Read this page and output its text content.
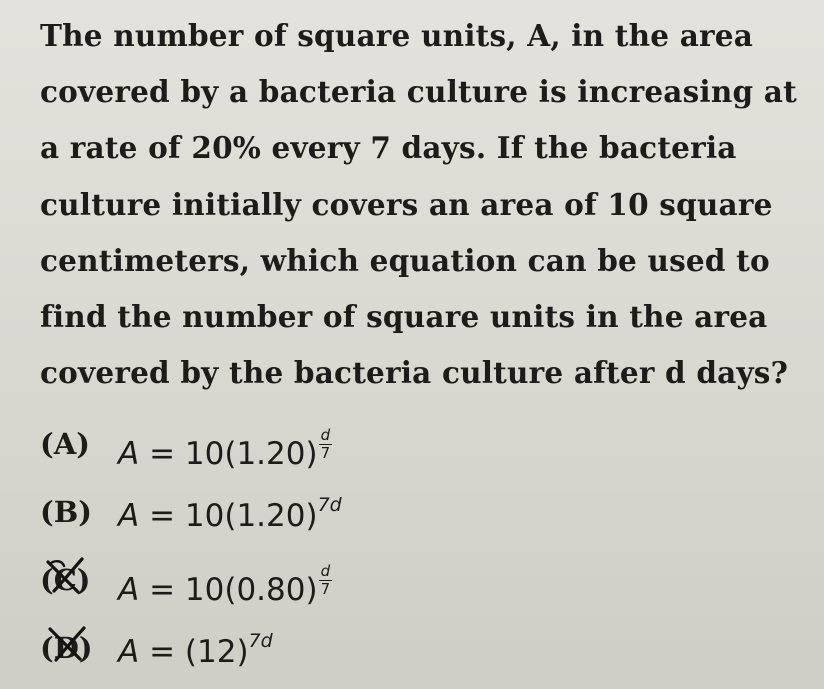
The number of square units, A, in the area
covered by a bacteria culture is increasing at
a rate of 20% every 7 days. If the bacteria
culture initially covers an area of 10 square
centimeters, which equation can be used to
find the number of square units in the area
covered by the bacteria culture after d days?

(A) $A = 10(1.20) \frac{d}{7}$
(B) $A = 10(1.20)^{7d}$
(C) $A = 10(0.80) \frac{d}{7}$
(D) $A = (12)^{7d}$
